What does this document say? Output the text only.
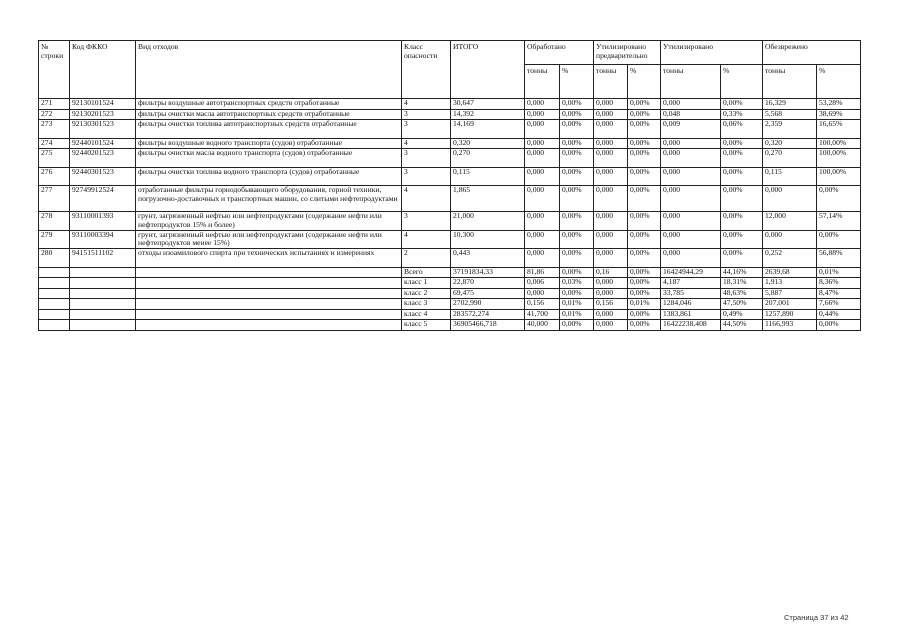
№ строки	Код ФККО	Вид отходов	Класс опасности	ИТОГО	Обработано		Утилизировано предварительно		Утилизировано		Обезврежено	
					тонны	%	тонны	%	тонны	%	тонны	%
271	92130101524	фильтры воздушные автотранспортных средств отработанные	4	30,647	0,000	0,00%	0,000	0,00%	0,000	0,00%	16,329	53,28%
272	92130201523	фильтры очистки масла автотранспортных средств отработанные	3	14,392	0,000	0,00%	0,000	0,00%	0,048	0,33%	5,568	38,69%
273	92130301523	фильтры очистки топлива автотранспортных средств отработанные	3	14,169	0,000	0,00%	0,000	0,00%	0,009	0,06%	2,359	16,65%
274	92440101524	фильтры воздушные водного транспорта (судов) отработанные	4	0,320	0,000	0,00%	0,000	0,00%	0,000	0,00%	0,320	100,00%
275	92440201523	фильтры очистки масла водного транспорта (судов) отработанные	3	0,270	0,000	0,00%	0,000	0,00%	0,000	0,00%	0,270	100,00%
276	92440301523	фильтры очистки топлива водного транспорта (судов) отработанные	3	0,115	0,000	0,00%	0,000	0,00%	0,000	0,00%	0,115	100,00%
277	92749912524	отработанные фильтры горнодобывающего оборудования, горной техники, погрузочно-доставочных и транспортных машин, со слитыми нефтепродуктами	4	1,865	0,000	0,00%	0,000	0,00%	0,000	0,00%	0,000	0,00%
278	93110001393	грунт, загрязненный нефтью или нефтепродуктами (содержание нефти или нефтепродуктов 15% и более)	3	21,000	0,000	0,00%	0,000	0,00%	0,000	0,00%	12,000	57,14%
279	93110003394	грунт, загрязненный нефтью или нефтепродуктами (содержание нефти или нефтепродуктов менее 15%)	4	10,300	0,000	0,00%	0,000	0,00%	0,000	0,00%	0,000	0,00%
280	94151511102	отходы изоамилового спирта при технических испытаниях и измерениях	2	0,443	0,000	0,00%	0,000	0,00%	0,000	0,00%	0,252	56,88%
			Всего	37191834,33	81,86	0,00%	0,16	0,00%	16424944,29	44,16%	2639,68	0,01%
			класс 1	22,870	0,006	0,03%	0,000	0,00%	4,187	18,31%	1,913	8,36%
			класс 2	69,475	0,000	0,00%	0,000	0,00%	33,785	48,63%	5,887	8,47%
			класс 3	2702,990	0,156	0,01%	0,156	0,01%	1284,046	47,50%	207,001	7,66%
			класс 4	283572,274	41,700	0,01%	0,000	0,00%	1383,861	0,49%	1257,890	0,44%
			класс 5	36905466,718	40,000	0,00%	0,000	0,00%	16422238,408	44,50%	1166,993	0,00%
Страница 37 из 42
